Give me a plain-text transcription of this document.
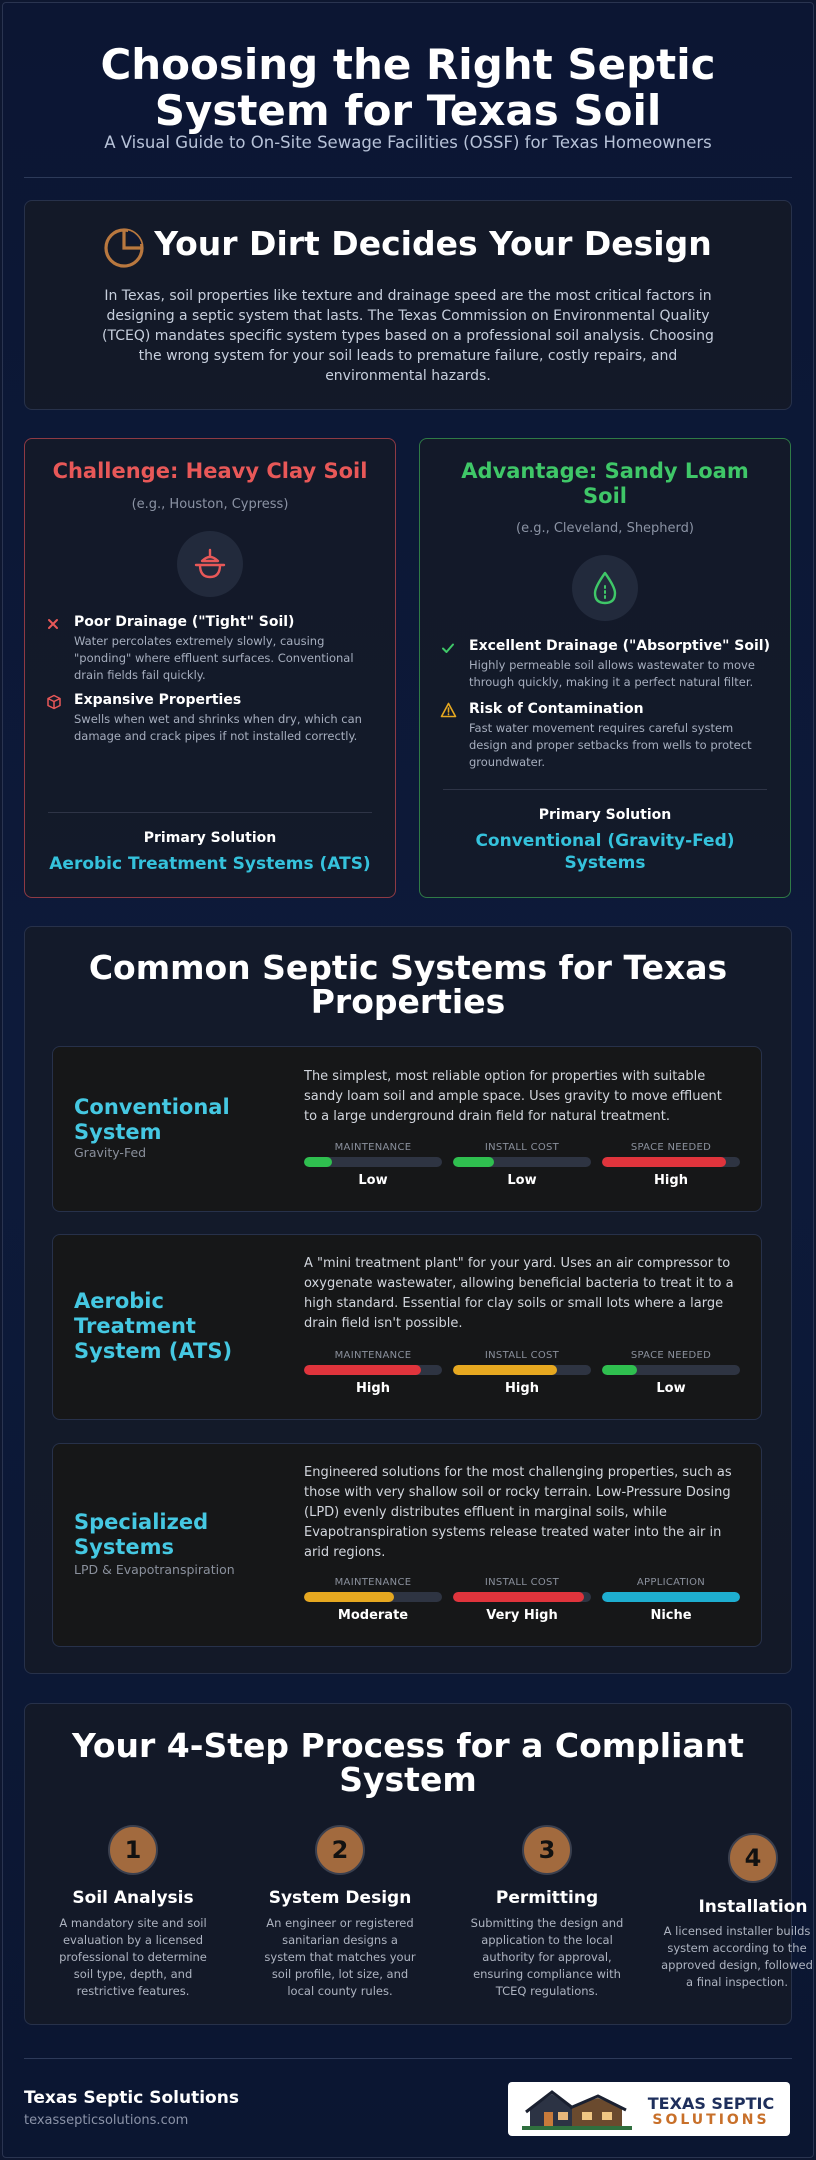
Choosing the Right Septic System for Texas Soil
A Visual Guide to On-Site Sewage Facilities (OSSF) for Texas Homeowners
Your Dirt Decides Your Design
In Texas, soil properties like texture and drainage speed are the most critical factors in designing a septic system that lasts. The Texas Commission on Environmental Quality (TCEQ) mandates specific system types based on a professional soil analysis. Choosing the wrong system for your soil leads to premature failure, costly repairs, and environmental hazards.
Challenge: Heavy Clay Soil
(e.g., Houston, Cypress)
Poor Drainage ("Tight" Soil)
Water percolates extremely slowly, causing "ponding" where effluent surfaces. Conventional drain fields fail quickly.
Expansive Properties
Swells when wet and shrinks when dry, which can damage and crack pipes if not installed correctly.
Primary Solution
Aerobic Treatment Systems (ATS)
Advantage: Sandy Loam Soil
(e.g., Cleveland, Shepherd)
Excellent Drainage ("Absorptive" Soil)
Highly permeable soil allows wastewater to move through quickly, making it a perfect natural filter.
Risk of Contamination
Fast water movement requires careful system design and proper setbacks from wells to protect groundwater.
Primary Solution
Conventional (Gravity-Fed) Systems
Common Septic Systems for Texas Properties
Conventional System
Gravity-Fed
The simplest, most reliable option for properties with suitable sandy loam soil and ample space. Uses gravity to move effluent to a large underground drain field for natural treatment.
MAINTENANCE
Low
INSTALL COST
Low
SPACE NEEDED
High
Aerobic Treatment System (ATS)
A "mini treatment plant" for your yard. Uses an air compressor to oxygenate wastewater, allowing beneficial bacteria to treat it to a high standard. Essential for clay soils or small lots where a large drain field isn't possible.
MAINTENANCE
High
INSTALL COST
High
SPACE NEEDED
Low
Specialized Systems
LPD & Evapotranspiration
Engineered solutions for the most challenging properties, such as those with very shallow soil or rocky terrain. Low-Pressure Dosing (LPD) evenly distributes effluent in marginal soils, while Evapotranspiration systems release treated water into the air in arid regions.
MAINTENANCE
Moderate
INSTALL COST
Very High
APPLICATION
Niche
Your 4-Step Process for a Compliant System
1
Soil Analysis
A mandatory site and soil evaluation by a licensed professional to determine soil type, depth, and restrictive features.
2
System Design
An engineer or registered sanitarian designs a system that matches your soil profile, lot size, and local county rules.
3
Permitting
Submitting the design and application to the local authority for approval, ensuring compliance with TCEQ regulations.
4
Installation
A licensed installer builds system according to the approved design, followed a final inspection.
Texas Septic Solutions
texassepticsolutions.com
TEXAS SEPTIC
SOLUTIONS
